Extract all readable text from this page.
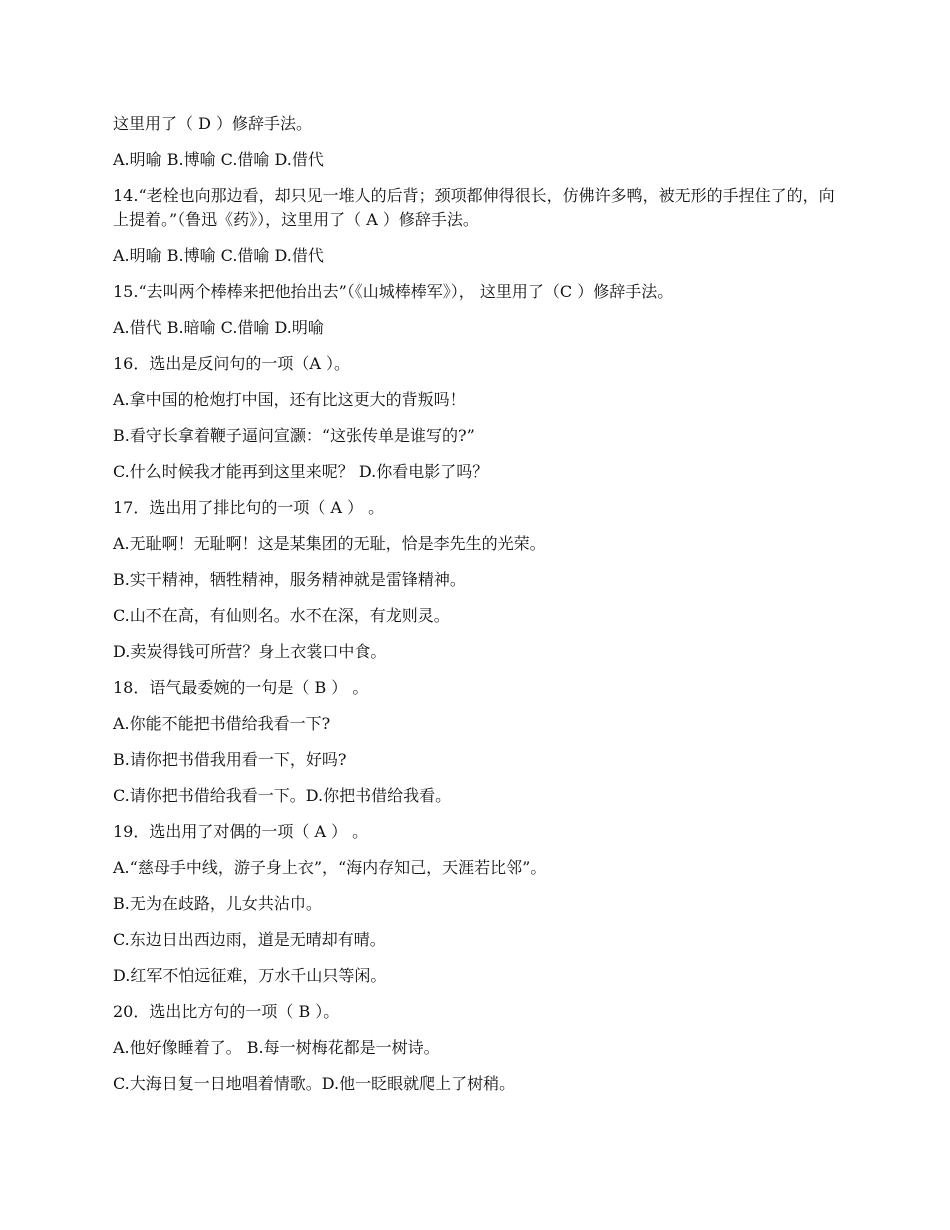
这里用了（ D ）修辞手法。

A.明喻 B.博喻 C.借喻 D.借代

14.“老栓也向那边看，却只见一堆人的后背；颈项都伸得很长，仿佛许多鸭，被无形的手捏住了的，向上提着。”（鲁迅《药》），这里用了（ A ）修辞手法。

A.明喻 B.博喻 C.借喻 D.借代

15.“去叫两个棒棒来把他抬出去”（《山城棒棒军》）， 这里用了（C ）修辞手法。

A.借代 B.暗喻 C.借喻 D.明喻

16．选出是反问句的一项（A ）。

A.拿中国的枪炮打中国，还有比这更大的背叛吗！

B.看守长拿着鞭子逼问宣灏：“这张传单是谁写的?”

C.什么时候我才能再到这里来呢？ D.你看电影了吗？

17．选出用了排比句的一项（ A ） 。

A.无耻啊！无耻啊！这是某集团的无耻，恰是李先生的光荣。

B.实干精神，牺牲精神，服务精神就是雷锋精神。

C.山不在高，有仙则名。水不在深，有龙则灵。

D.卖炭得钱可所营？身上衣裳口中食。

18．语气最委婉的一句是（ B ） 。

A.你能不能把书借给我看一下?

B.请你把书借我用看一下，好吗?

C.请你把书借给我看一下。D.你把书借给我看。

19．选出用了对偶的一项（ A ） 。

A.“慈母手中线，游子身上衣”，“海内存知己，天涯若比邻”。

B.无为在歧路，儿女共沾巾。

C.东边日出西边雨，道是无晴却有晴。

D.红军不怕远征难，万水千山只等闲。

20．选出比方句的一项（ B ）。

A.他好像睡着了。 B.每一树梅花都是一树诗。

C.大海日复一日地唱着情歌。D.他一眨眼就爬上了树稍。
